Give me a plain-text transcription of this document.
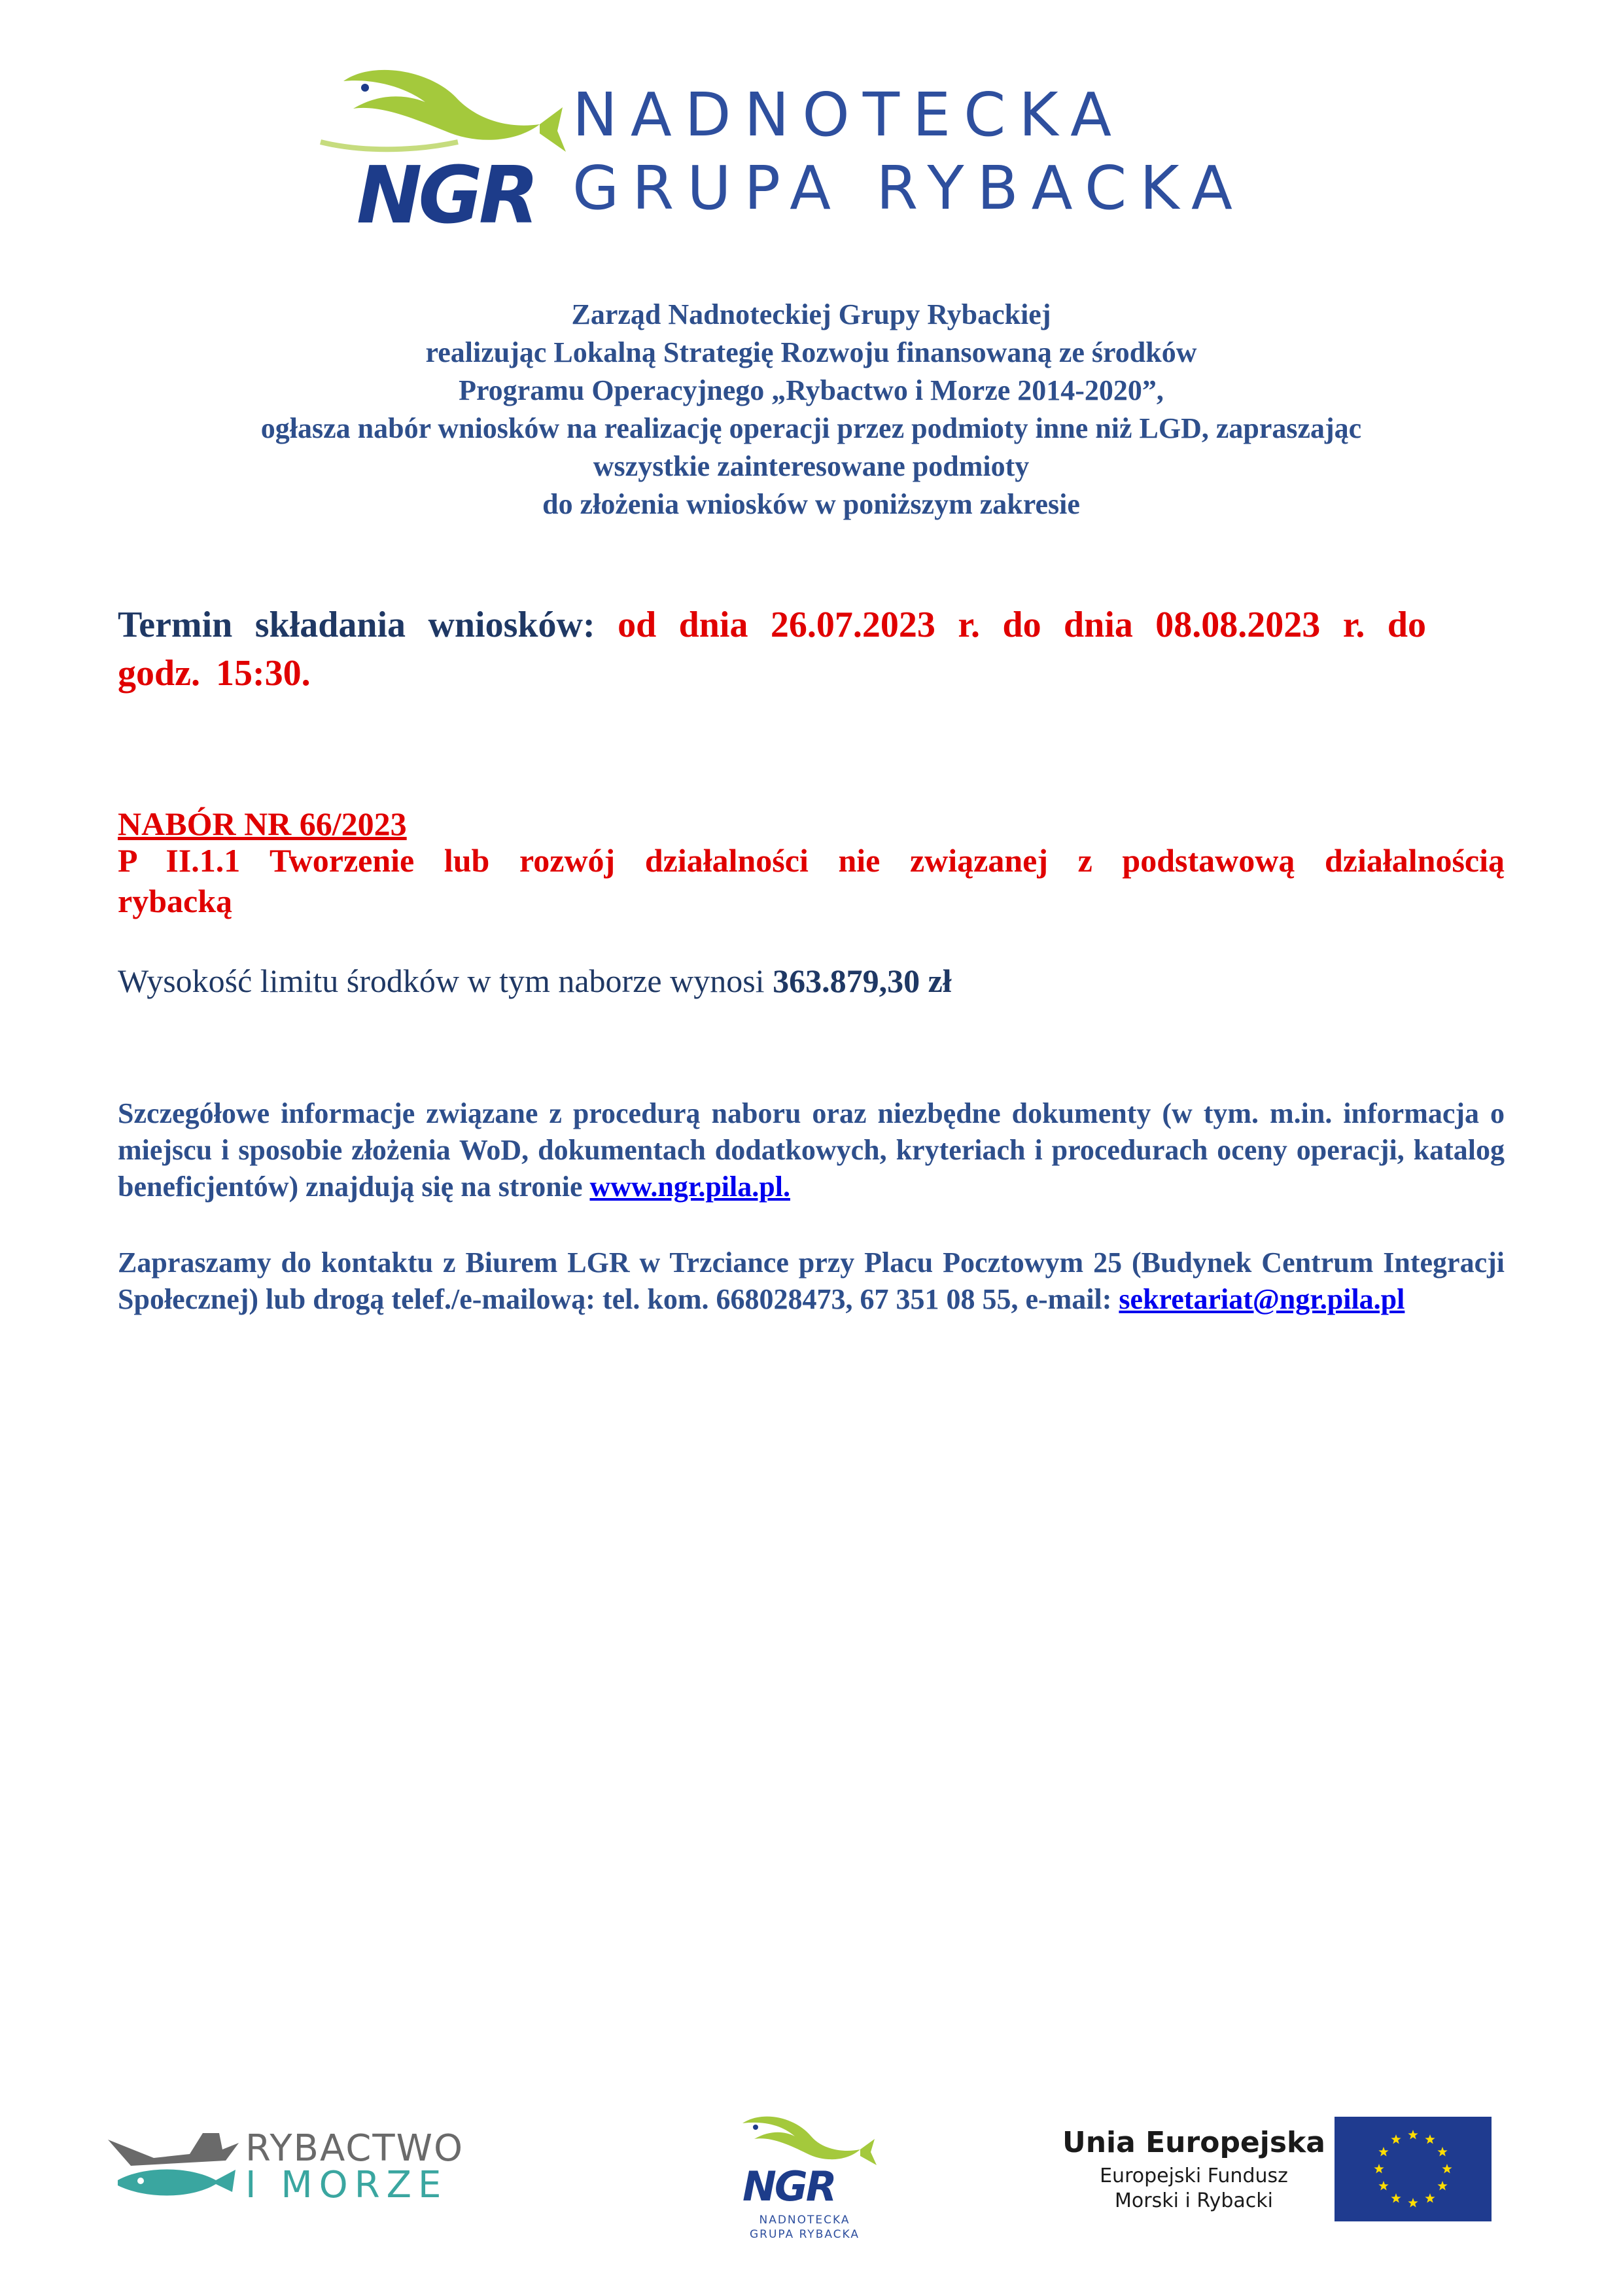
NGR
NADNOTECKA
GRUPA RYBACKA

Zarząd Nadnoteckiej Grupy Rybackiej

realizując Lokalną Strategię Rozwoju finansowaną ze środków

Programu Operacyjnego „Rybactwo i Morze 2014-2020”,

ogłasza nabór wniosków na realizację operacji przez podmioty inne niż LGD, zapraszając

wszystkie zainteresowane podmioty

do złożenia wniosków w poniższym zakresie

Termin składania wniosków: od dnia 26.07.2023 r. do dnia 08.08.2023 r. do godz. 15:30.
NABÓR NR 66/2023
P II.1.1 Tworzenie lub rozwój działalności nie związanej z podstawową działalnością rybacką
Wysokość limitu środków w tym naborze wynosi 363.879,30 zł
Szczegółowe informacje związane z procedurą naboru oraz niezbędne dokumenty (w tym. m.in. informacja o miejscu i sposobie złożenia WoD, dokumentach dodatkowych, kryteriach i procedurach oceny operacji, katalog beneficjentów) znajdują się na stronie www.ngr.pila.pl.
Zapraszamy do kontaktu z Biurem LGR w Trzciance przy Placu Pocztowym 25 (Budynek Centrum Integracji Społecznej) lub drogą telef./e-mailową: tel. kom. 668028473, 67 351 08 55, e-mail: sekretariat@ngr.pila.pl
RYBACTWO
I MORZE	NGR
NADNOTECKA
GRUPA RYBACKA
Unia Europejska
Europejski Fundusz
Morski i Rybacki
